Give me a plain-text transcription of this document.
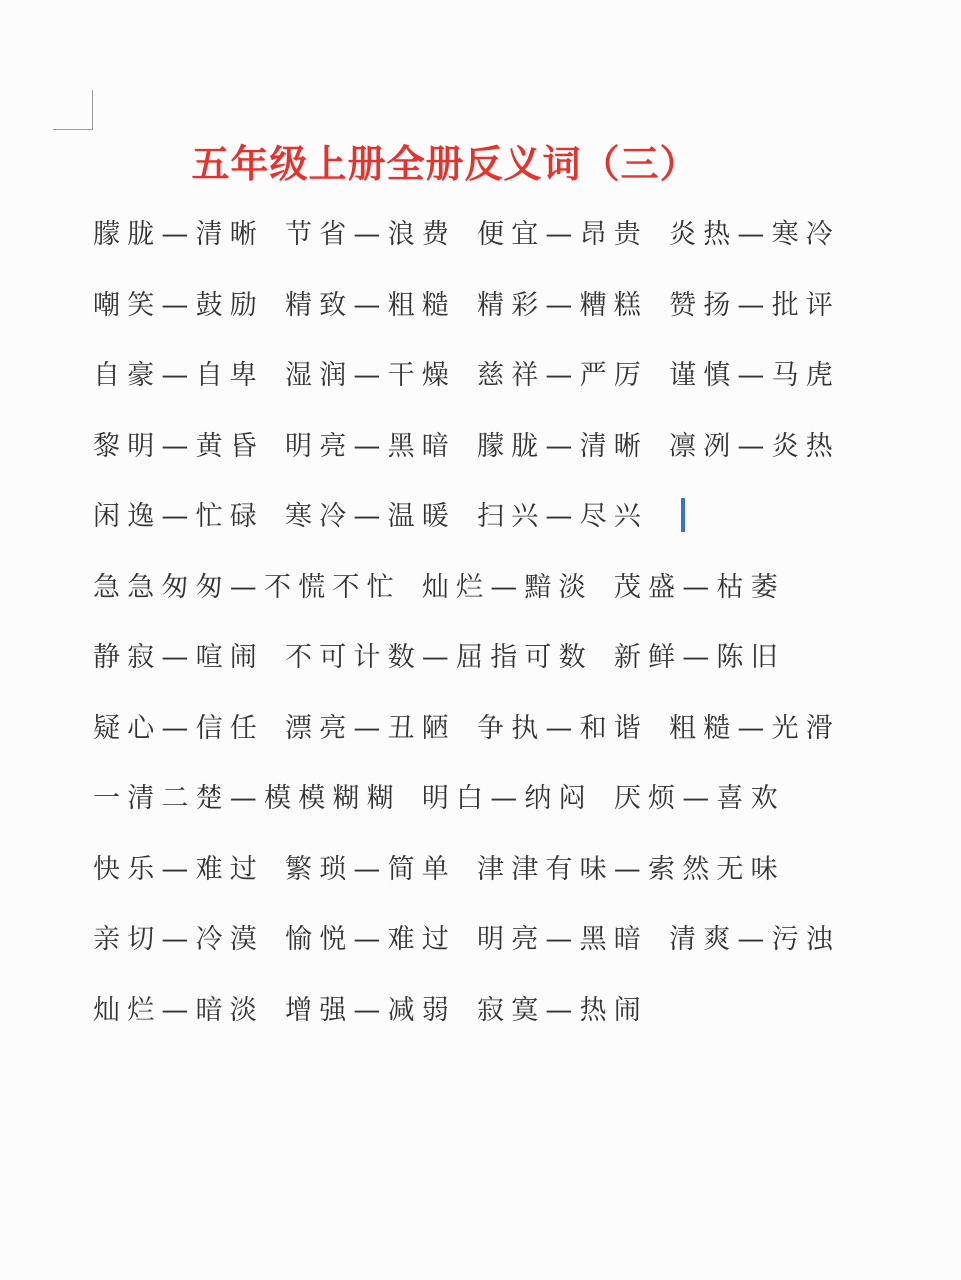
五年级上册全册反义词（三）
朦胧—清晰 节省—浪费 便宜—昂贵 炎热—寒冷
嘲笑—鼓励 精致—粗糙 精彩—糟糕 赞扬—批评
自豪—自卑 湿润—干燥 慈祥—严厉 谨慎—马虎
黎明—黄昏 明亮—黑暗 朦胧—清晰 凛冽—炎热
闲逸—忙碌 寒冷—温暖 扫兴—尽兴
急急匆匆—不慌不忙 灿烂—黯淡 茂盛—枯萎
静寂—喧闹 不可计数—屈指可数 新鲜—陈旧
疑心—信任 漂亮—丑陋 争执—和谐 粗糙—光滑
一清二楚—模模糊糊 明白—纳闷 厌烦—喜欢
快乐—难过 繁琐—简单 津津有味—索然无味
亲切—冷漠 愉悦—难过 明亮—黑暗 清爽—污浊
灿烂—暗淡 增强—减弱 寂寞—热闹
